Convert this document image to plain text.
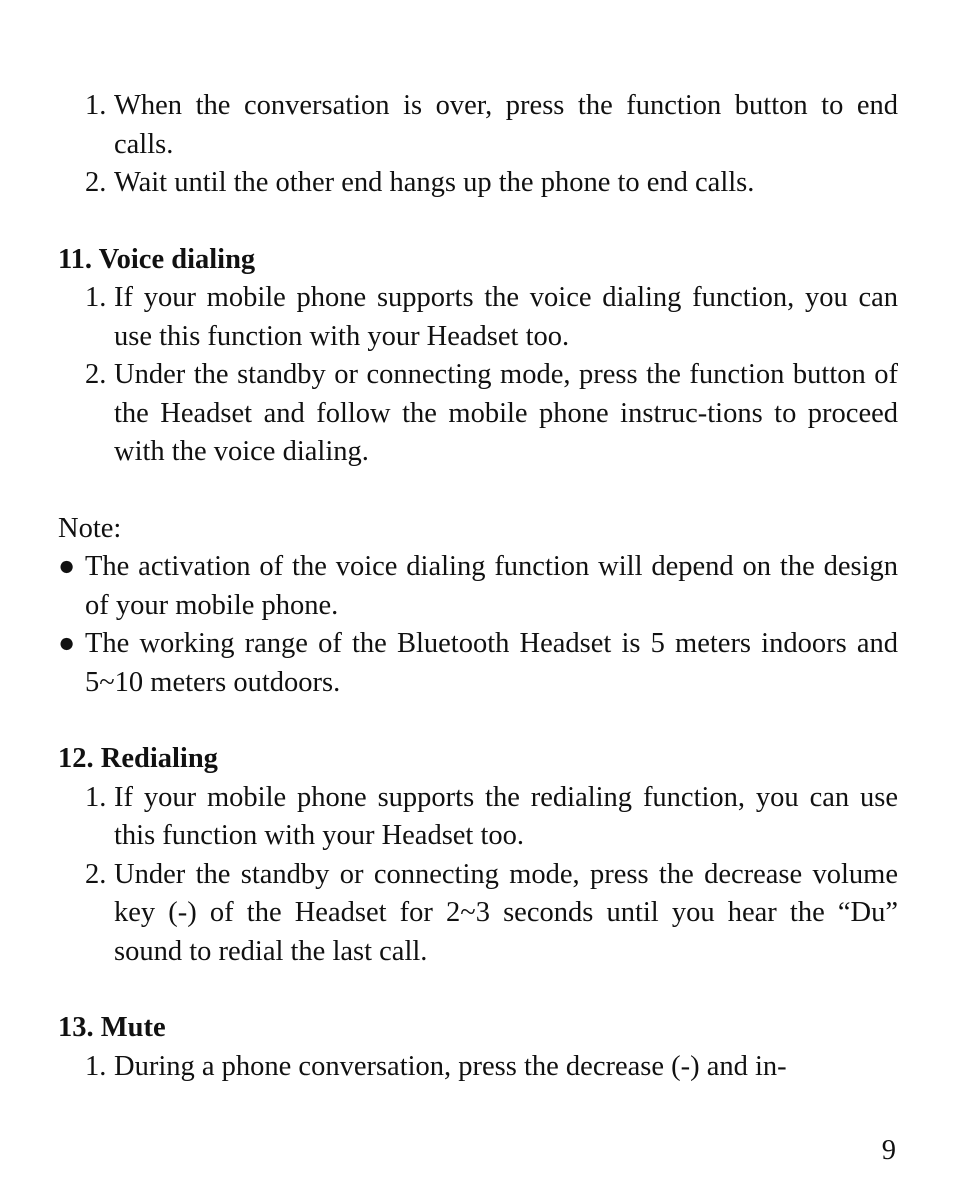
1. When the conversation is over, press the function button to end calls.
2. Wait until the other end hangs up the phone to end calls.
11. Voice dialing
1. If your mobile phone supports the voice dialing function, you can use this function with your Headset too.
2. Under the standby or connecting mode, press the function button of the Headset and follow the mobile phone instruc-tions to proceed with the voice dialing.
Note:
● The activation of the voice dialing function will depend on the design of your mobile phone.
● The working range of the Bluetooth Headset is 5 meters indoors and 5~10 meters outdoors.
12. Redialing
1. If your mobile phone supports the redialing function, you can use this function with your Headset too.
2. Under the standby or connecting mode, press the decrease volume key (-) of the Headset for 2~3 seconds until you hear the “Du” sound to redial the last call.
13. Mute
1. During a phone conversation, press the decrease (-) and in-
9
